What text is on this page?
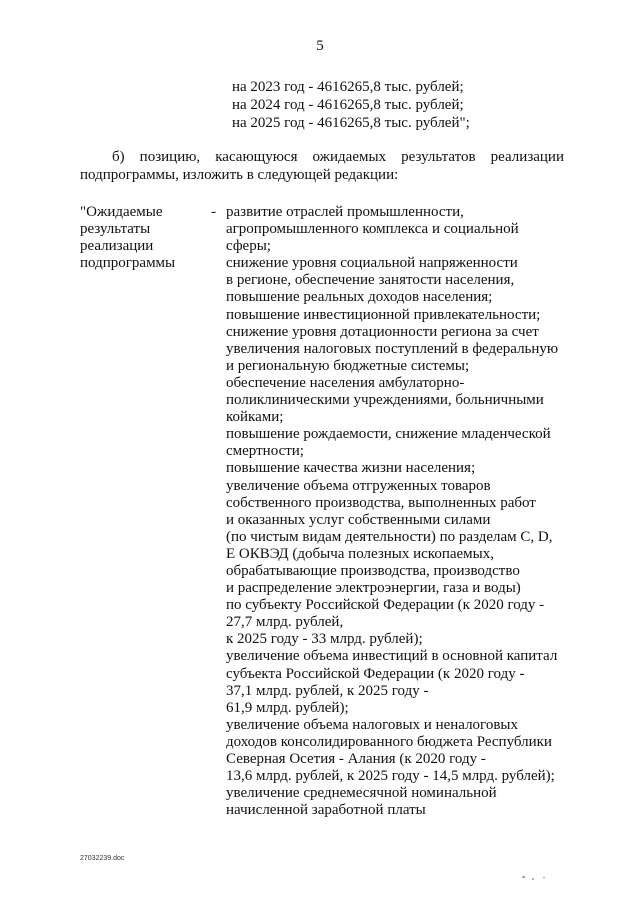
5
на 2023 год - 4616265,8 тыс. рублей;
на 2024 год - 4616265,8 тыс. рублей;
на 2025 год - 4616265,8 тыс. рублей";
б) позицию, касающуюся ожидаемых результатов реализации
подпрограммы, изложить в следующей редакции:
"Ожидаемые
результаты
реализации
подпрограммы
- развитие отраслей промышленности,
агропромышленного комплекса и социальной
сферы;
снижение уровня социальной напряженности
в регионе, обеспечение занятости населения,
повышение реальных доходов населения;
повышение инвестиционной привлекательности;
снижение уровня дотационности региона за счет
увеличения налоговых поступлений в федеральную
и региональную бюджетные системы;
обеспечение населения амбулаторно-
поликлиническими учреждениями, больничными
койками;
повышение рождаемости, снижение младенческой
смертности;
повышение качества жизни населения;
увеличение объема отгруженных товаров
собственного производства, выполненных работ
и оказанных услуг собственными силами
(по чистым видам деятельности) по разделам C, D,
E ОКВЭД (добыча полезных ископаемых,
обрабатывающие производства, производство
и распределение электроэнергии, газа и воды)
по субъекту Российской Федерации (к 2020 году -
27,7 млрд. рублей,
к 2025 году - 33 млрд. рублей);
увеличение объема инвестиций в основной капитал
субъекта Российской Федерации (к 2020 году -
37,1 млрд. рублей, к 2025 году -
61,9 млрд. рублей);
увеличение объема налоговых и неналоговых
доходов консолидированного бюджета Республики
Северная Осетия - Алания (к 2020 году -
13,6 млрд. рублей, к 2025 году - 14,5 млрд. рублей);
увеличение среднемесячной номинальной
начисленной заработной платы
27032239.doc
